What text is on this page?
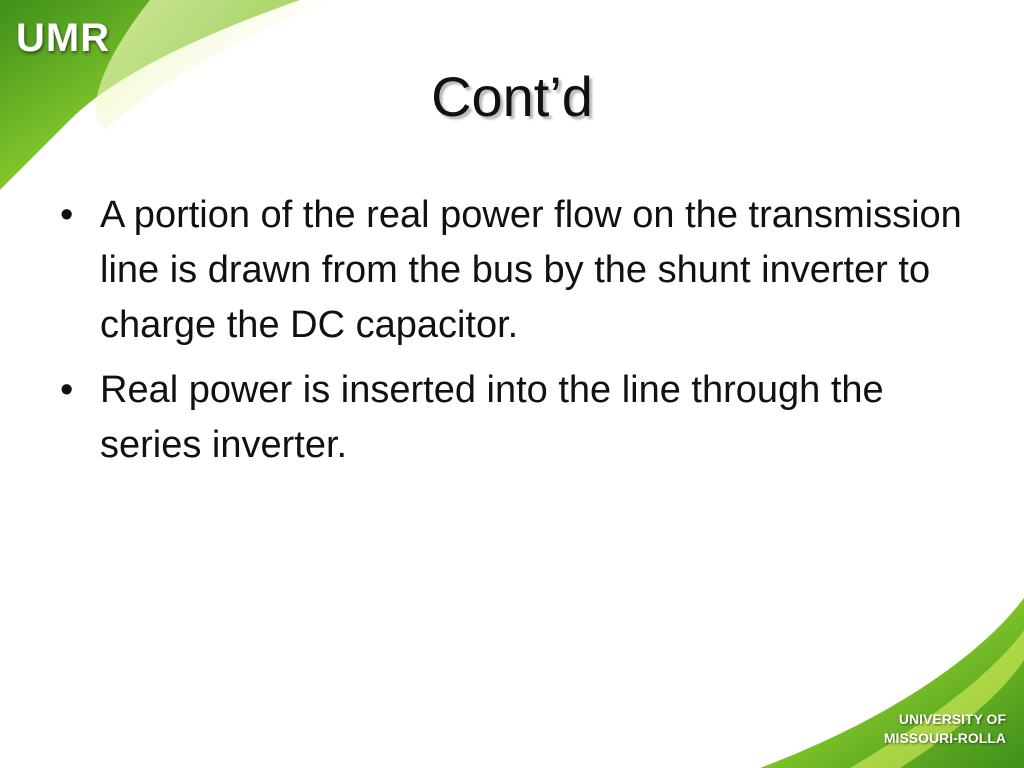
UMR
Cont’d
• A portion of the real power flow on the transmission line is drawn from the bus by the shunt inverter to charge the DC capacitor.
• Real power is inserted into the line through the series inverter.
UNIVERSITY OF
MISSOURI-ROLLA
